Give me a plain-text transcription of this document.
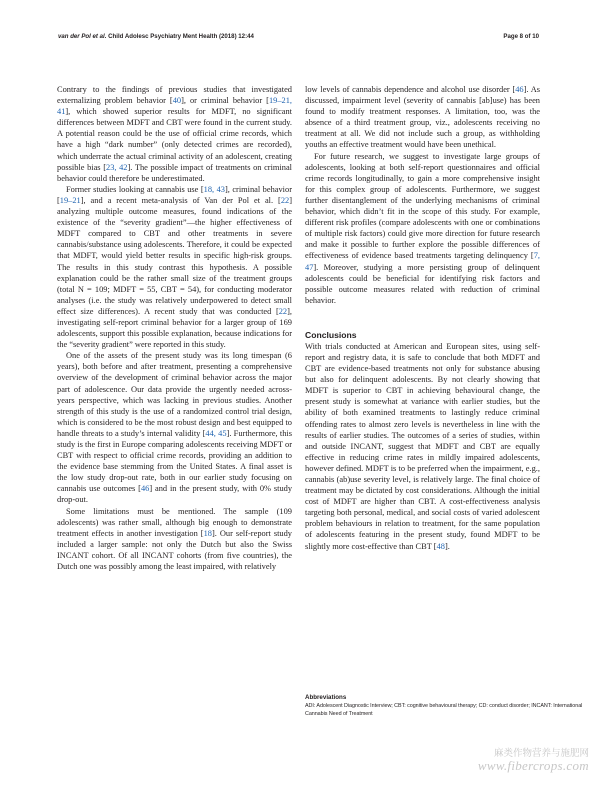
van der Pol et al. Child Adolesc Psychiatry Ment Health (2018) 12:44	Page 8 of 10

Contrary to the findings of previous studies that investigated externalizing problem behavior [40], or criminal behavior [19–21, 41], which showed superior results for MDFT, no significant differences between MDFT and CBT were found in the current study. A potential reason could be the use of official crime records, which have a high “dark number” (only detected crimes are recorded), which underrate the actual criminal activity of an adolescent, creating possible bias [23, 42]. The possible impact of treatments on criminal behavior could therefore be underestimated.

Former studies looking at cannabis use [18, 43], criminal behavior [19–21], and a recent meta-analysis of Van der Pol et al. [22] analyzing multiple outcome measures, found indications of the existence of the “severity gradient”—the higher effectiveness of MDFT compared to CBT and other treatments in severe cannabis/substance using adolescents. Therefore, it could be expected that MDFT, would yield better results in specific high-risk groups. The results in this study contrast this hypothesis. A possible explanation could be the rather small size of the treatment groups (total N = 109; MDFT = 55, CBT = 54), for conducting moderator analyses (i.e. the study was relatively underpowered to detect small effect size differences). A recent study that was conducted [22], investigating self-report criminal behavior for a larger group of 169 adolescents, support this possible explanation, because indications for the “severity gradient” were reported in this study.

One of the assets of the present study was its long timespan (6 years), both before and after treatment, presenting a comprehensive overview of the development of criminal behavior across the major part of adolescence. Our data provide the urgently needed across-years perspective, which was lacking in previous studies. Another strength of this study is the use of a randomized control trial design, which is considered to be the most robust design and best equipped to handle threats to a study’s internal validity [44, 45]. Furthermore, this study is the first in Europe comparing adolescents receiving MDFT or CBT with respect to official crime records, providing an addition to the evidence base stemming from the United States. A final asset is the low study drop-out rate, both in our earlier study focusing on cannabis use outcomes [46] and in the present study, with 0% study drop-out.

Some limitations must be mentioned. The sample (109 adolescents) was rather small, although big enough to demonstrate treatment effects in another investigation [18]. Our self-report study included a larger sample: not only the Dutch but also the Swiss INCANT cohort. Of all INCANT cohorts (from five countries), the Dutch one was possibly among the least impaired, with relatively

low levels of cannabis dependence and alcohol use disorder [46]. As discussed, impairment level (severity of cannabis [ab]use) has been found to modify treatment responses. A limitation, too, was the absence of a third treatment group, viz., adolescents receiving no treatment at all. We did not include such a group, as withholding youths an effective treatment would have been unethical.

For future research, we suggest to investigate large groups of adolescents, looking at both self-report questionnaires and official crime records longitudinally, to gain a more comprehensive insight for this complex group of adolescents. Furthermore, we suggest further disentanglement of the underlying mechanisms of criminal behavior, which didn’t fit in the scope of this study. For example, different risk profiles (compare adolescents with one or combinations of multiple risk factors) could give more direction for future research and make it possible to further explore the possible differences of effectiveness of evidence based treatments targeting delinquency [7, 47]. Moreover, studying a more persisting group of delinquent adolescents could be beneficial for identifying risk factors and possible outcome measures related with reduction of criminal behavior.

Conclusions

With trials conducted at American and European sites, using self-report and registry data, it is safe to conclude that both MDFT and CBT are evidence-based treatments not only for substance abusing but also for delinquent adolescents. By not clearly showing that MDFT is superior to CBT in achieving behavioural change, the present study is somewhat at variance with earlier studies, but the ability of both examined treatments to lastingly reduce criminal offending rates to almost zero levels is nevertheless in line with the results of earlier studies. The outcomes of a series of studies, within and outside INCANT, suggest that MDFT and CBT are equally effective in reducing crime rates in mildly impaired adolescents, however defined. MDFT is to be preferred when the impairment, e.g., cannabis (ab)use severity level, is relatively large. The final choice of treatment may be dictated by cost considerations. Although the initial cost of MDFT are higher than CBT. A cost-effectiveness analysis targeting both personal, medical, and social costs of varied adolescent problem behaviours in relation to treatment, for the same population of adolescents featuring in the present study, found MDFT to be slightly more cost-effective than CBT [48].

Abbreviations
ADI: Adolescent Diagnostic Interview; CBT: cognitive behavioural therapy; CD: conduct disorder; INCANT: International Cannabis Need of Treatment
麻类作物营养与施肥网
www.fibercrops.com
